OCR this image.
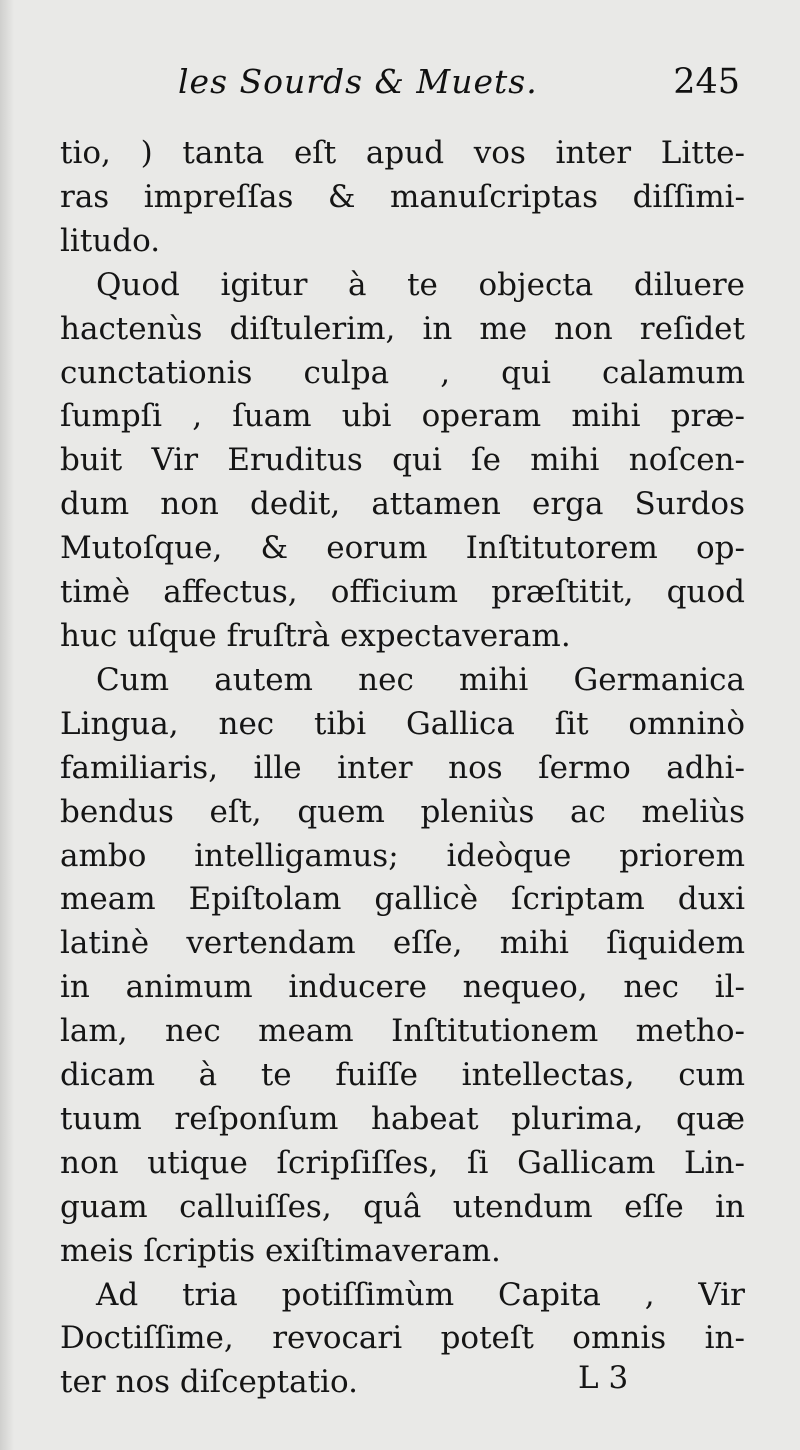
les Sourds & Muets.	245
tio, ) tanta eſt apud vos inter Litte-
ras impreſſas & manuſcriptas diſſimi-
litudo.
Quod igitur à te objecta diluere
hactenùs diſtulerim, in me non reſidet
cunctationis culpa , qui calamum
ſumpſi , ſuam ubi operam mihi præ-
buit Vir Eruditus qui ſe mihi noſcen-
dum non dedit, attamen erga Surdos
Mutoſque, & eorum Inſtitutorem op-
timè affectus, officium præſtitit, quod
huc uſque fruſtrà expectaveram.
Cum autem nec mihi Germanica
Lingua, nec tibi Gallica ſit omninò
familiaris, ille inter nos ſermo adhi-
bendus eſt, quem pleniùs ac meliùs
ambo intelligamus; ideòque priorem
meam Epiſtolam gallicè ſcriptam duxi
latinè vertendam eſſe, mihi ſiquidem
in animum inducere nequeo, nec il-
lam, nec meam Inſtitutionem metho-
dicam à te fuiſſe intellectas, cum
tuum reſponſum habeat plurima, quæ
non utique ſcripſiſſes, ſi Gallicam Lin-
guam calluiſſes, quâ utendum eſſe in
meis ſcriptis exiſtimaveram.
Ad tria potiſſimùm Capita , Vir
Doctiſſime, revocari poteſt omnis in-
ter nos diſceptatio.	L 3
